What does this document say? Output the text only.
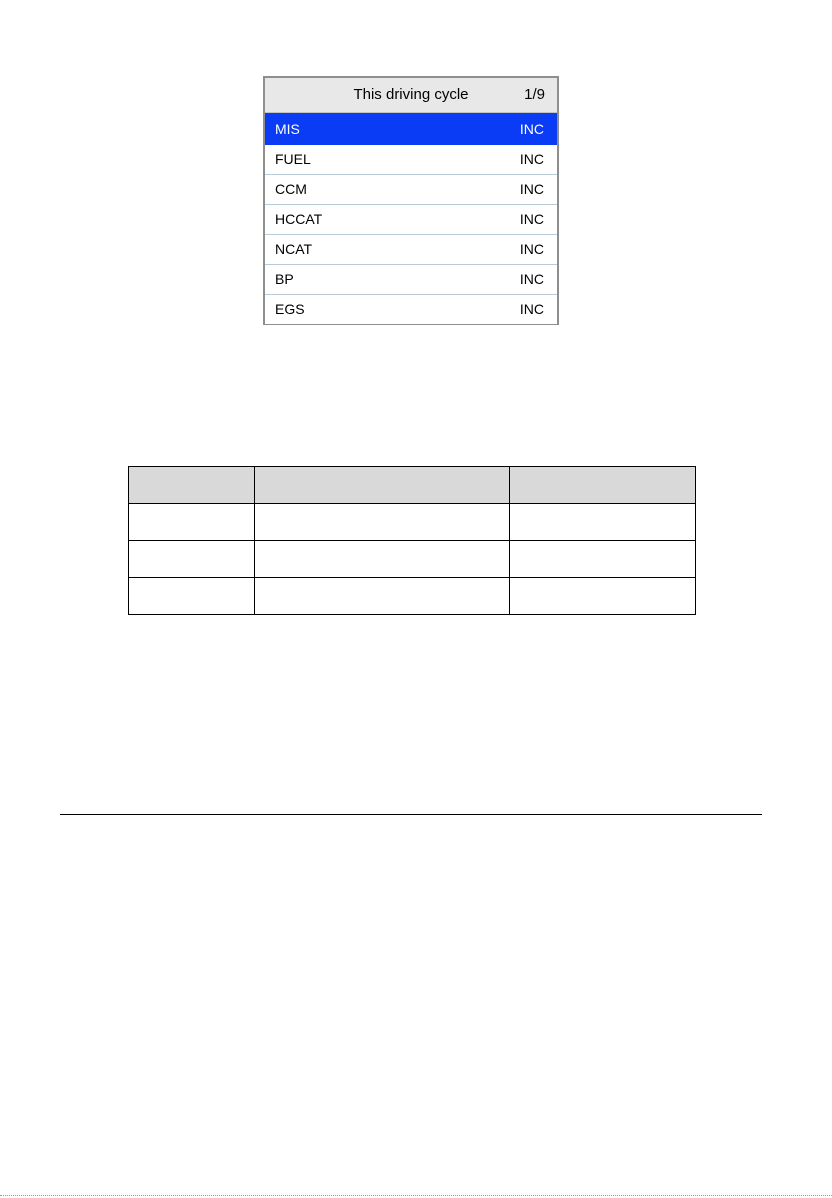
This driving cycle	1/9
MIS	INC
FUEL	INC
CCM	INC
HCCAT	INC
NCAT	INC
BP	INC
EGS	INC
